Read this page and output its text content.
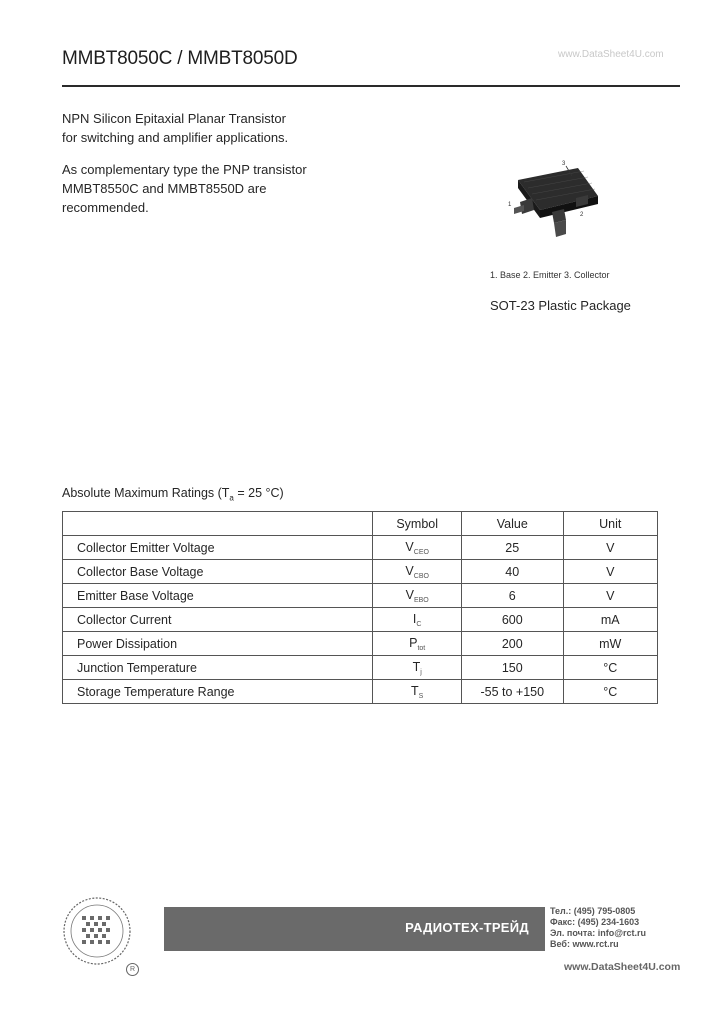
MMBT8050C / MMBT8050D	www.DataSheet4U.com
NPN Silicon Epitaxial Planar Transistor
for switching and amplifier applications.
As complementary type the PNP transistor
MMBT8550C and MMBT8550D are
recommended.
3
1
2
1. Base 2. Emitter 3. Collector
SOT-23 Plastic Package
Absolute Maximum Ratings ($T_a = 25$ °C)
	Symbol	Value	Unit
Collector Emitter Voltage	$V_{CEO}$	25	V
Collector Base Voltage	$V_{CBO}$	40	V
Emitter Base Voltage	$V_{EBO}$	6	V
Collector Current	$I_C$	600	mA
Power Dissipation	$P_{tot}$	200	mW
Junction Temperature	$T_j$	150	°C
Storage Temperature Range	$T_S$	-55 to +150	°C
R
РАДИОТЕХ-ТРЕЙД
Тел.: (495) 795-0805
Факс: (495) 234-1603
Эл. почта: info@rct.ru
Веб: www.rct.ru
www.DataSheet4U.com
